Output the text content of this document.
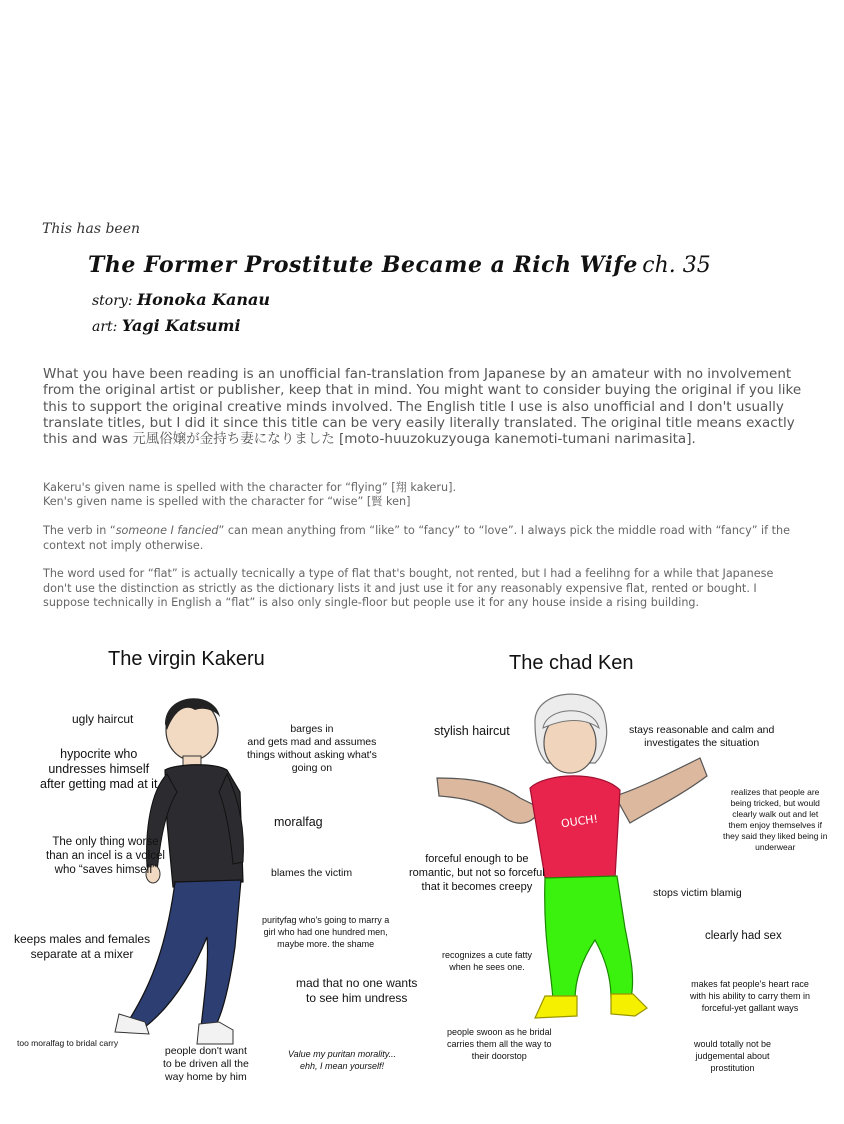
This has been
The Former Prostitute Became a Rich Wife ch. 35
story: Honoka Kanau
art: Yagi Katsumi

What you have been reading is an unofficial fan-translation from Japanese by an amateur with no involvement from the original artist or publisher, keep that in mind. You might want to consider buying the original if you like this to support the original creative minds involved. The English title I use is also unofficial and I don't usually translate titles, but I did it since this title can be very easily literally translated. The original title means exactly this and was 元風俗嬢が金持ち妻になりました [moto-huuzokuzyouga kanemoti-tumani narimasita].

Kakeru's given name is spelled with the character for “flying” [翔 kakeru].

Ken's given name is spelled with the character for “wise” [賢 ken]

The verb in “someone I fancied” can mean anything from “like” to “fancy” to “love”. I always pick the middle road with “fancy” if the context not imply otherwise.

The word used for “flat” is actually tecnically a type of flat that's bought, not rented, but I had a feelihng for a while that Japanese don't use the distinction as strictly as the dictionary lists it and just use it for any reasonably expensive flat, rented or bought. I suppose technically in English a “flat” is also only single-floor but people use it for any house inside a rising building.

The virgin Kakeru	The chad Ken
OUCH!
ugly haircut
hypocrite who
undresses himself
after getting mad at it
barges in
and gets mad and assumes
things without asking what's
going on
moralfag
The only thing worse
than an incel is a volcel
who “saves himself”	blames the victim
purityfag who's going to marry a
girl who had one hundred men,
maybe more. the shame
keeps males and females
separate at a mixer
mad that no one wants
to see him undress
too moralfag to bridal carry
people don't want
to be driven all the
way home by him
Value my puritan morality...
ehh, I mean yourself!
stylish haircut	stays reasonable and calm and
investigates the situation
realizes that people are
being tricked, but would
clearly walk out and let
them enjoy themselves if
they said they liked being in
underwear
forceful enough to be
romantic, but not so forceful
that it becomes creepy	stops victim blamig
clearly had sex
recognizes a cute fatty
when he sees one.
makes fat people's heart race
with his ability to carry them in
forceful-yet gallant ways
people swoon as he bridal
carries them all the way to
their doorstop
would totally not be
judgemental about
prostitution
